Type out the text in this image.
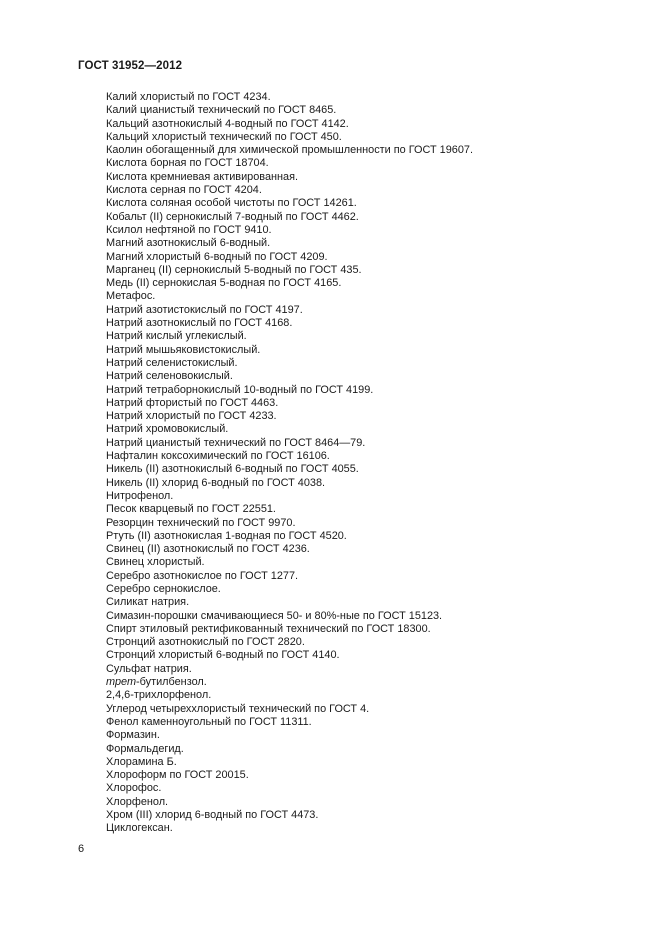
ГОСТ 31952—2012
Калий хлористый по ГОСТ 4234.
Калий цианистый технический по ГОСТ 8465.
Кальций азотнокислый 4-водный по ГОСТ 4142.
Кальций хлористый технический по ГОСТ 450.
Каолин обогащенный для химической промышленности по ГОСТ 19607.
Кислота борная по ГОСТ 18704.
Кислота кремниевая активированная.
Кислота серная по ГОСТ 4204.
Кислота соляная особой чистоты по ГОСТ 14261.
Кобальт (II) сернокислый 7-водный по ГОСТ 4462.
Ксилол нефтяной по ГОСТ 9410.
Магний азотнокислый 6-водный.
Магний хлористый 6-водный по ГОСТ 4209.
Марганец (II) сернокислый 5-водный по ГОСТ 435.
Медь (II) сернокислая 5-водная по ГОСТ 4165.
Метафос.
Натрий азотистокислый по ГОСТ 4197.
Натрий азотнокислый по ГОСТ 4168.
Натрий кислый углекислый.
Натрий мышьяковистокислый.
Натрий селенистокислый.
Натрий селеновокислый.
Натрий тетраборнокислый 10-водный по ГОСТ 4199.
Натрий фтористый по ГОСТ 4463.
Натрий хлористый по ГОСТ 4233.
Натрий хромовокислый.
Натрий цианистый технический по ГОСТ 8464—79.
Нафталин коксохимический по ГОСТ 16106.
Никель (II) азотнокислый 6-водный по ГОСТ 4055.
Никель (II) хлорид 6-водный по ГОСТ 4038.
Нитрофенол.
Песок кварцевый по ГОСТ 22551.
Резорцин технический по ГОСТ 9970.
Ртуть (II) азотнокислая 1-водная по ГОСТ 4520.
Свинец (II) азотнокислый по ГОСТ 4236.
Свинец хлористый.
Серебро азотнокислое по ГОСТ 1277.
Серебро сернокислое.
Силикат натрия.
Симазин-порошки смачивающиеся 50- и 80%-ные по ГОСТ 15123.
Спирт этиловый ректификованный технический по ГОСТ 18300.
Стронций азотнокислый по ГОСТ 2820.
Стронций хлористый 6-водный по ГОСТ 4140.
Сульфат натрия.
трет-бутилбензол.
2,4,6-трихлорфенол.
Углерод четыреххлористый технический по ГОСТ 4.
Фенол каменноугольный по ГОСТ 11311.
Формазин.
Формальдегид.
Хлорамина Б.
Хлороформ по ГОСТ 20015.
Хлорофос.
Хлорфенол.
Хром (III) хлорид 6-водный по ГОСТ 4473.
Циклогексан.
6
